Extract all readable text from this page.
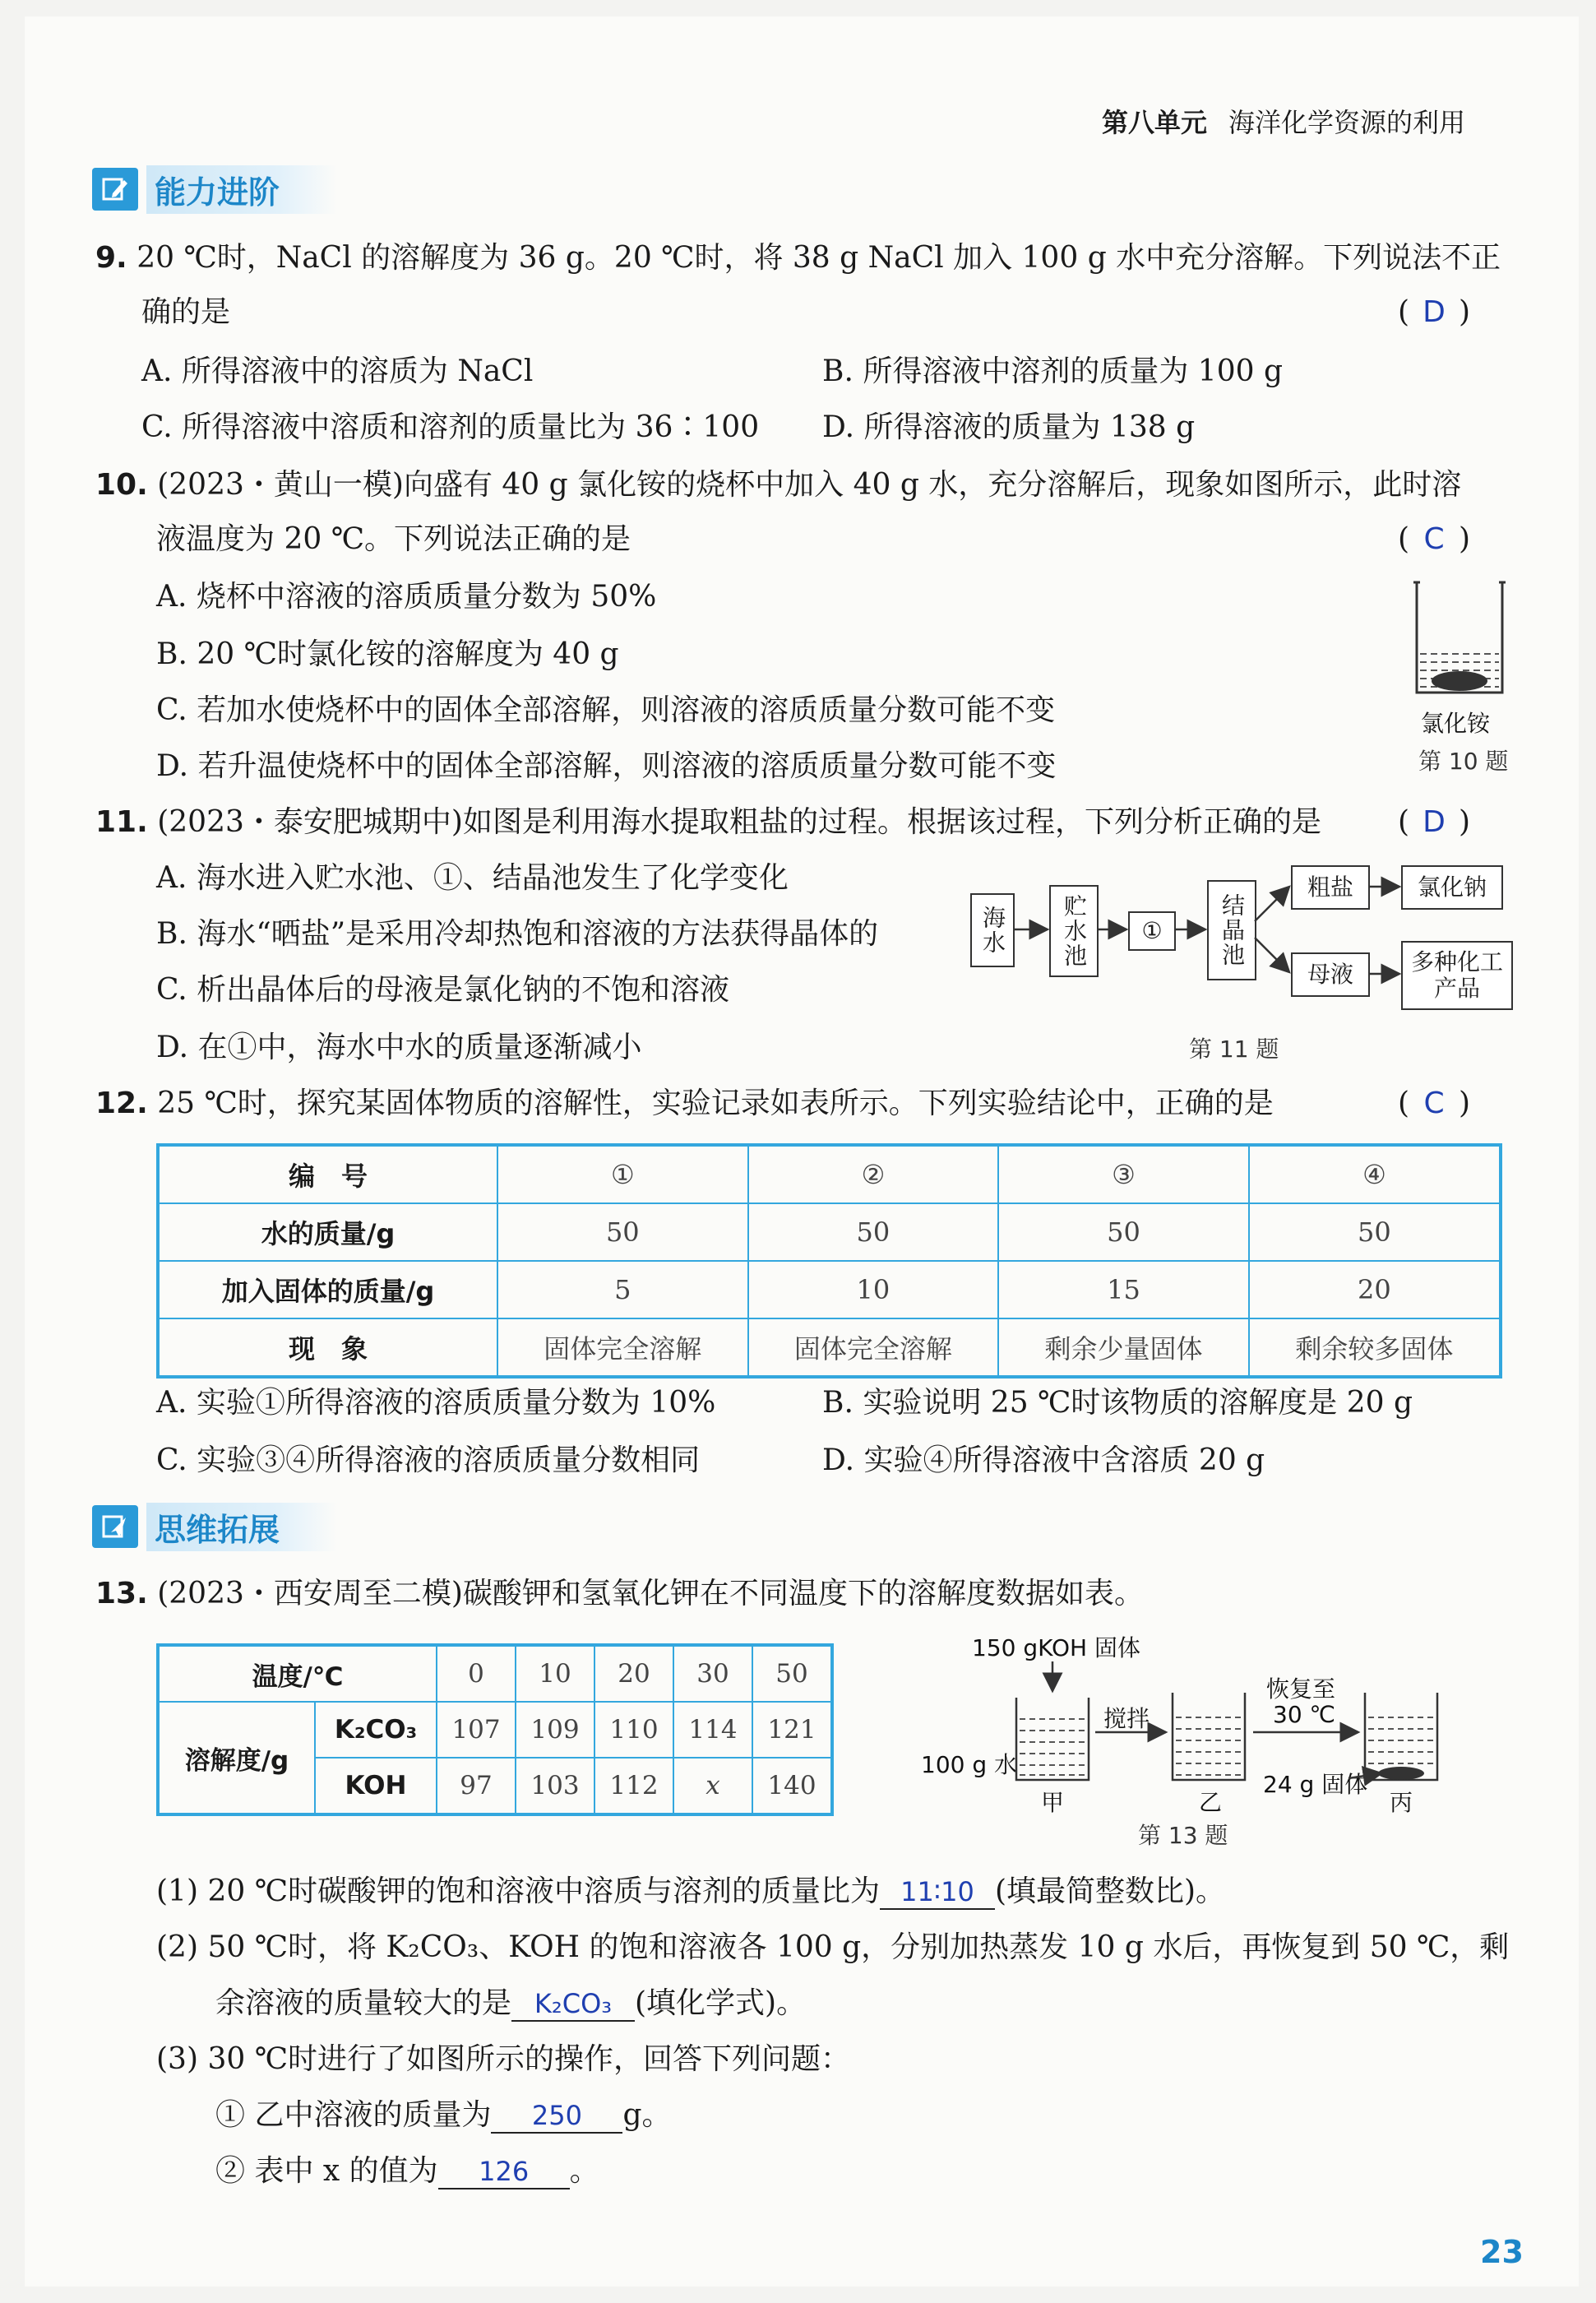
第八单元 海洋化学资源的利用
能力进阶
9. 20 ℃时，NaCl 的溶解度为 36 g。20 ℃时，将 38 g NaCl 加入 100 g 水中充分溶解。下列说法不正
确的是	( D )
A. 所得溶液中的溶质为 NaCl	B. 所得溶液中溶剂的质量为 100 g
C. 所得溶液中溶质和溶剂的质量比为 36∶100 D. 所得溶液的质量为 138 g
10. (2023・黄山一模)向盛有 40 g 氯化铵的烧杯中加入 40 g 水，充分溶解后，现象如图所示，此时溶
液温度为 20 ℃。下列说法正确的是	( C )
A. 烧杯中溶液的溶质质量分数为 50%
B. 20 ℃时氯化铵的溶解度为 40 g
C. 若加水使烧杯中的固体全部溶解，则溶液的溶质质量分数可能不变
D. 若升温使烧杯中的固体全部溶解，则溶液的溶质质量分数可能不变
氯化铵
第 10 题
11. (2023・泰安肥城期中)如图是利用海水提取粗盐的过程。根据该过程，下列分析正确的是	( D )
A. 海水进入贮水池、①、结晶池发生了化学变化
B. 海水“晒盐”是采用冷却热饱和溶液的方法获得晶体的
C. 析出晶体后的母液是氯化钠的不饱和溶液
D. 在①中，海水中水的质量逐渐减小
海水	贮水池	①	结晶池
粗盐	氯化钠
母液	多种化工产品
第 11 题
12. 25 ℃时，探究某固体物质的溶解性，实验记录如表所示。下列实验结论中，正确的是	( C )
编　号	①	②	③	④
水的质量/g	50	50	50	50
加入固体的质量/g	5	10	15	20
现　象	固体完全溶解	固体完全溶解	剩余少量固体	剩余较多固体
A. 实验①所得溶液的溶质质量分数为 10%	B. 实验说明 25 ℃时该物质的溶解度是 20 g
C. 实验③④所得溶液的溶质质量分数相同	D. 实验④所得溶液中含溶质 20 g
思维拓展
13. (2023・西安周至二模)碳酸钾和氢氧化钾在不同温度下的溶解度数据如表。
温度/℃		0	10	20	30	50
溶解度/g	K₂CO₃	107	109	110	114	121
	KOH	97	103	112	x	140
150 gKOH 固体
100 g 水
搅拌
恢复至
30 ℃
24 g 固体
甲	乙	丙
第 13 题
(1) 20 ℃时碳酸钾的饱和溶液中溶质与溶剂的质量比为 11∶10 (填最简整数比)。
(2) 50 ℃时，将 K₂CO₃、KOH 的饱和溶液各 100 g，分别加热蒸发 10 g 水后，再恢复到 50 ℃，剩
余溶液的质量较大的是 K₂CO₃ (填化学式)。
(3) 30 ℃时进行了如图所示的操作，回答下列问题：
① 乙中溶液的质量为 250 g。
② 表中 x 的值为 126 。
23
